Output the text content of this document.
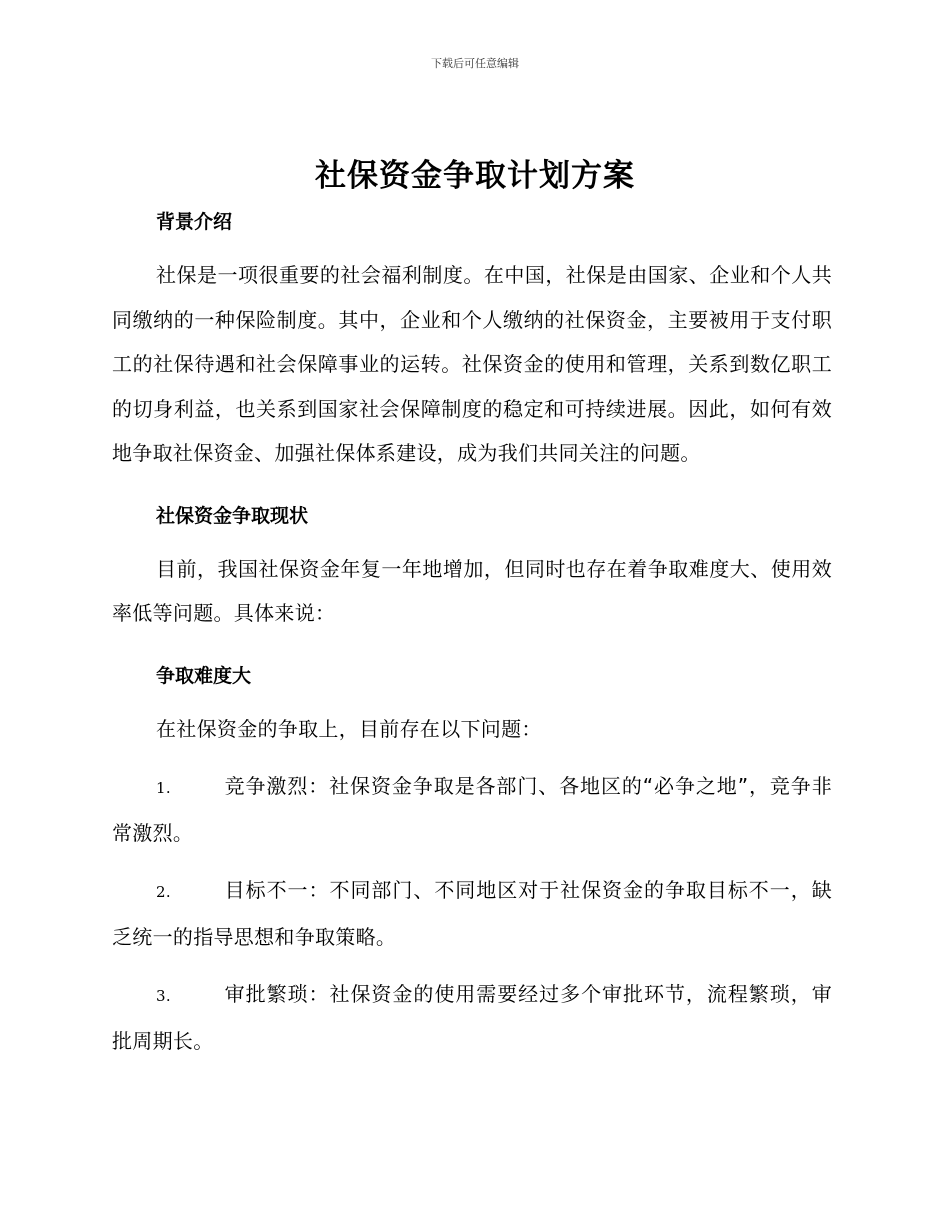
下载后可任意编辑
社保资金争取计划方案

背景介绍

社保是一项很重要的社会福利制度。在中国，社保是由国家、企业和个人共同缴纳的一种保险制度。其中，企业和个人缴纳的社保资金，主要被用于支付职工的社保待遇和社会保障事业的运转。社保资金的使用和管理，关系到数亿职工的切身利益，也关系到国家社会保障制度的稳定和可持续进展。因此，如何有效地争取社保资金、加强社保体系建设，成为我们共同关注的问题。

社保资金争取现状

目前，我国社保资金年复一年地增加，但同时也存在着争取难度大、使用效率低等问题。具体来说：

争取难度大

在社保资金的争取上，目前存在以下问题：

1.	竞争激烈：社保资金争取是各部门、各地区的“必争之地”，竞争非常激烈。

2.	目标不一：不同部门、不同地区对于社保资金的争取目标不一，缺乏统一的指导思想和争取策略。

3.	审批繁琐：社保资金的使用需要经过多个审批环节，流程繁琐，审批周期长。
